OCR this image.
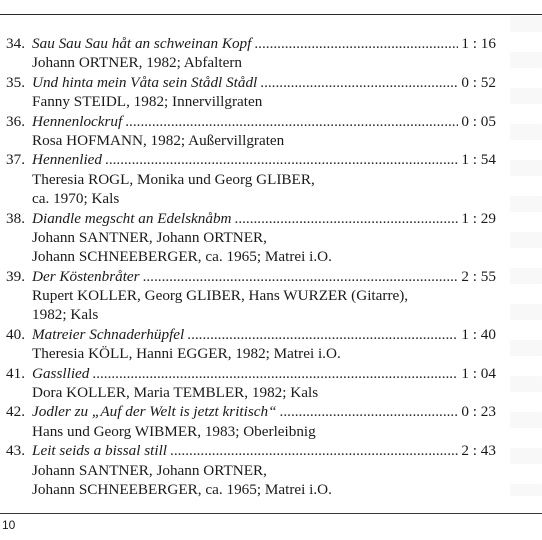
34. Sau Sau Sau håt an schweinan Kopf .....	1 : 16
Johann ORTNER, 1982; Abfaltern
35. Und hinta mein Våta sein Stådl Stådl .....	0 : 52
Fanny STEIDL, 1982; Innervillgraten
36. Hennenlockruf .....	0 : 05
Rosa HOFMANN, 1982; Außervillgraten
37. Hennenlied .....	1 : 54
Theresia ROGL, Monika und Georg GLIBER,
ca. 1970; Kals
38. Diandle megscht an Edelsknåbm .....	1 : 29
Johann SANTNER, Johann ORTNER,
Johann SCHNEEBERGER, ca. 1965; Matrei i.O.
39. Der Köstenbråter .....	2 : 55
Rupert KOLLER, Georg GLIBER, Hans WURZER (Gitarre),
1982; Kals
40. Matreier Schnaderhüpfel .....	1 : 40
Theresia KÖLL, Hanni EGGER, 1982; Matrei i.O.
41. Gassllied .....	1 : 04
Dora KOLLER, Maria TEMBLER, 1982; Kals
42. Jodler zu „Auf der Welt is jetzt kritisch“ .....	0 : 23
Hans und Georg WIBMER, 1983; Oberleibnig
43. Leit seids a bissal still .....	2 : 43
Johann SANTNER, Johann ORTNER,
Johann SCHNEEBERGER, ca. 1965; Matrei i.O.
10
